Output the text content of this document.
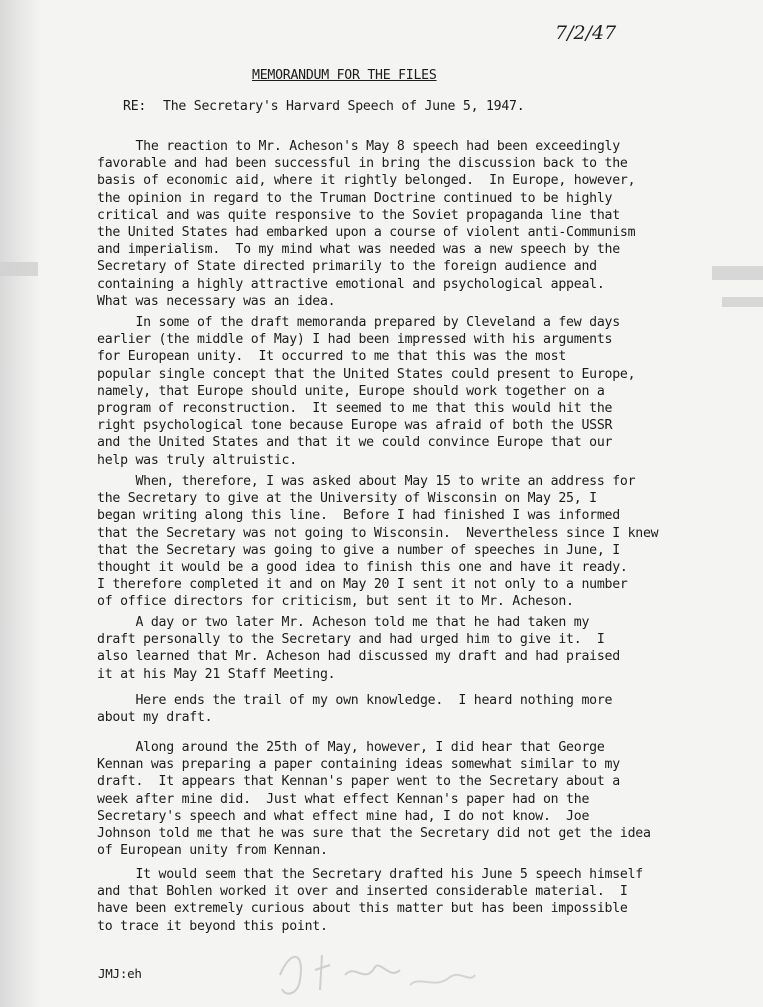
7/2/47
MEMORANDUM FOR THE FILES
RE: The Secretary's Harvard Speech of June 5, 1947.
The reaction to Mr. Acheson's May 8 speech had been exceedingly
favorable and had been successful in bring the discussion back to the
basis of economic aid, where it rightly belonged.  In Europe, however,
the opinion in regard to the Truman Doctrine continued to be highly
critical and was quite responsive to the Soviet propaganda line that
the United States had embarked upon a course of violent anti-Communism
and imperialism.  To my mind what was needed was a new speech by the
Secretary of State directed primarily to the foreign audience and
containing a highly attractive emotional and psychological appeal.
What was necessary was an idea.
In some of the draft memoranda prepared by Cleveland a few days
earlier (the middle of May) I had been impressed with his arguments
for European unity.  It occurred to me that this was the most
popular single concept that the United States could present to Europe,
namely, that Europe should unite, Europe should work together on a
program of reconstruction.  It seemed to me that this would hit the
right psychological tone because Europe was afraid of both the USSR
and the United States and that it we could convince Europe that our
help was truly altruistic.
When, therefore, I was asked about May 15 to write an address for
the Secretary to give at the University of Wisconsin on May 25, I
began writing along this line.  Before I had finished I was informed
that the Secretary was not going to Wisconsin.  Nevertheless since I knew
that the Secretary was going to give a number of speeches in June, I
thought it would be a good idea to finish this one and have it ready.
I therefore completed it and on May 20 I sent it not only to a number
of office directors for criticism, but sent it to Mr. Acheson.
A day or two later Mr. Acheson told me that he had taken my
draft personally to the Secretary and had urged him to give it.  I
also learned that Mr. Acheson had discussed my draft and had praised
it at his May 21 Staff Meeting.
Here ends the trail of my own knowledge.  I heard nothing more
about my draft.
Along around the 25th of May, however, I did hear that George
Kennan was preparing a paper containing ideas somewhat similar to my
draft.  It appears that Kennan's paper went to the Secretary about a
week after mine did.  Just what effect Kennan's paper had on the
Secretary's speech and what effect mine had, I do not know.  Joe
Johnson told me that he was sure that the Secretary did not get the idea
of European unity from Kennan.
It would seem that the Secretary drafted his June 5 speech himself
and that Bohlen worked it over and inserted considerable material.  I
have been extremely curious about this matter but has been impossible
to trace it beyond this point.
JMJ:eh
